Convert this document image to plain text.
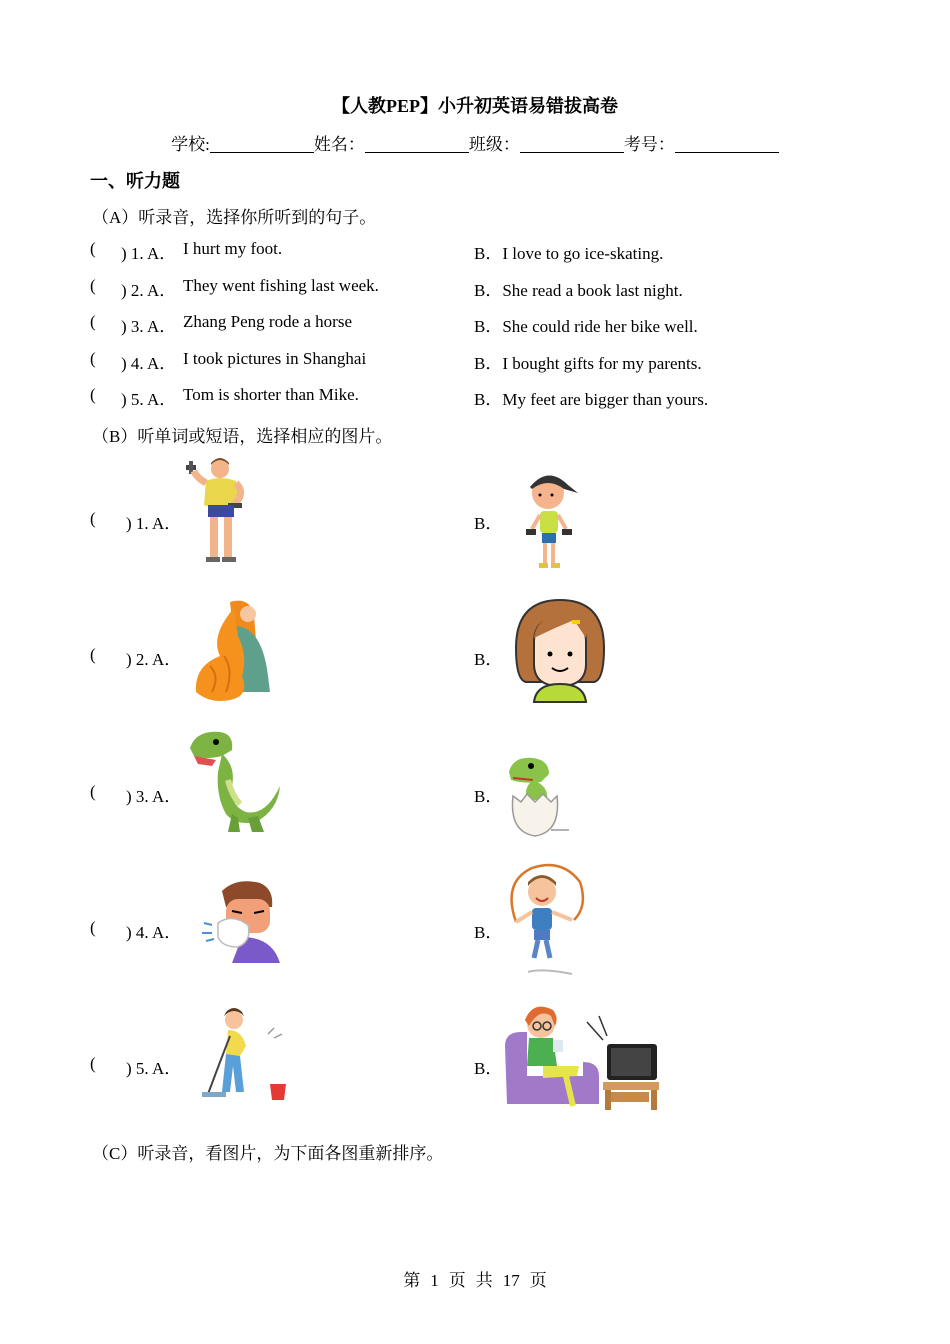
【人教PEP】小升初英语易错拔高卷
学校:	姓名：	班级：	考号：
一、听力题
（A）听录音，选择你所听到的句子。
( ) 1. A． I hurt my foot.	B．I love to go ice-skating.
( ) 2. A． They went fishing last week.	B．She read a book last night.
( ) 3. A． Zhang Peng rode a horse	B．She could ride her bike well.
( ) 4. A． I took pictures in Shanghai	B．I bought gifts for my parents.
( ) 5. A． Tom is shorter than Mike.	B．My feet are bigger than yours.
（B）听单词或短语，选择相应的图片。
( ) 1. A．	B．
( ) 2. A．	B．
( ) 3. A．	B．
( ) 4. A．	B．
( ) 5. A．	B．
（C）听录音，看图片，为下面各图重新排序。
第 1 页 共 17 页
